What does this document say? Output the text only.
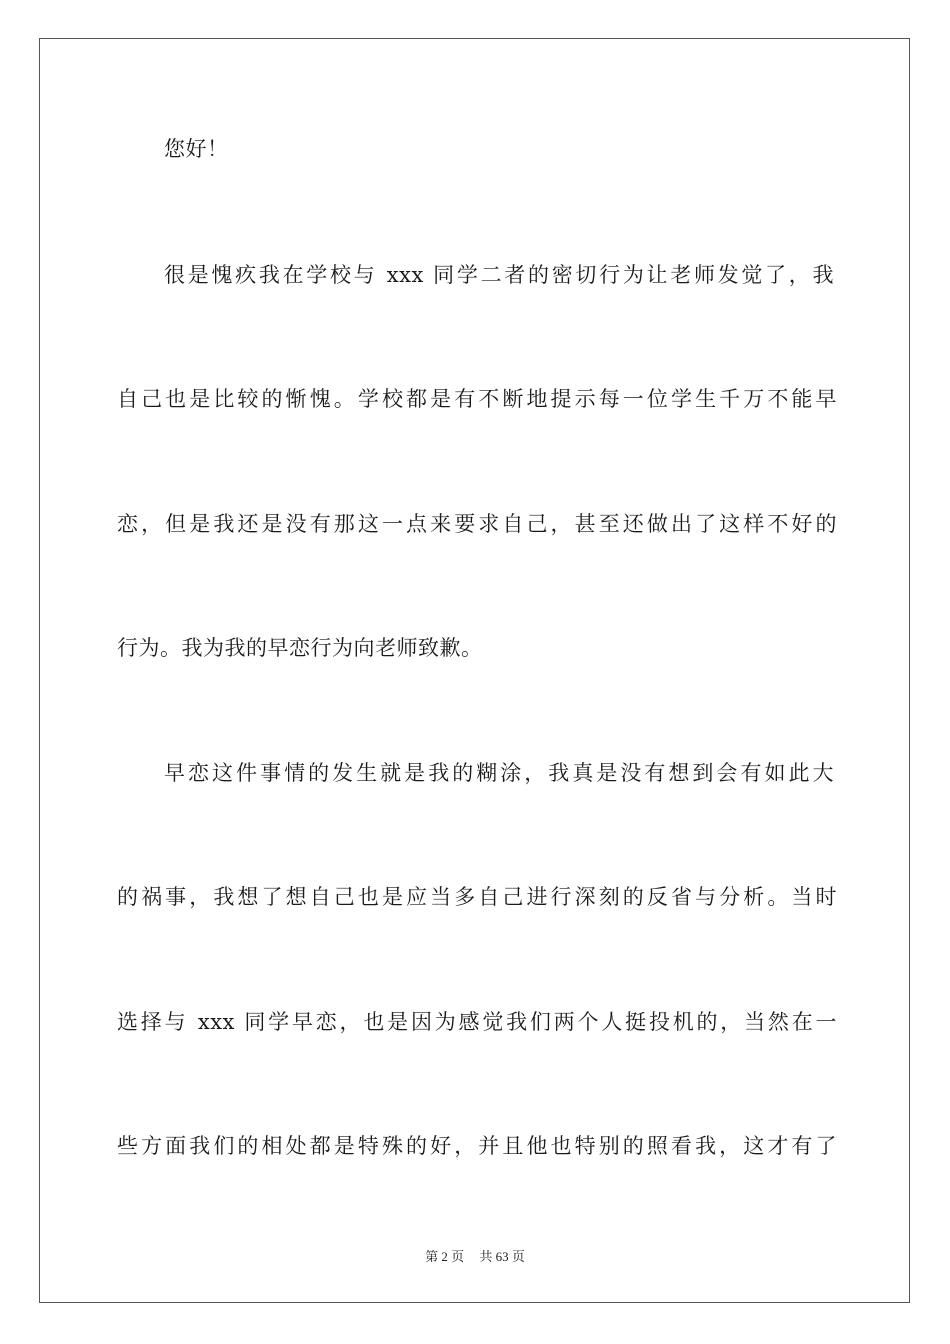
您好！
很是愧疚我在学校与 xxx 同学二者的密切行为让老师发觉了，我
自己也是比较的惭愧。学校都是有不断地提示每一位学生千万不能早
恋，但是我还是没有那这一点来要求自己，甚至还做出了这样不好的
行为。我为我的早恋行为向老师致歉。
早恋这件事情的发生就是我的糊涂，我真是没有想到会有如此大
的祸事，我想了想自己也是应当多自己进行深刻的反省与分析。当时
选择与 xxx 同学早恋，也是因为感觉我们两个人挺投机的，当然在一
些方面我们的相处都是特殊的好，并且他也特别的照看我，这才有了
第 2 页 共 63 页
